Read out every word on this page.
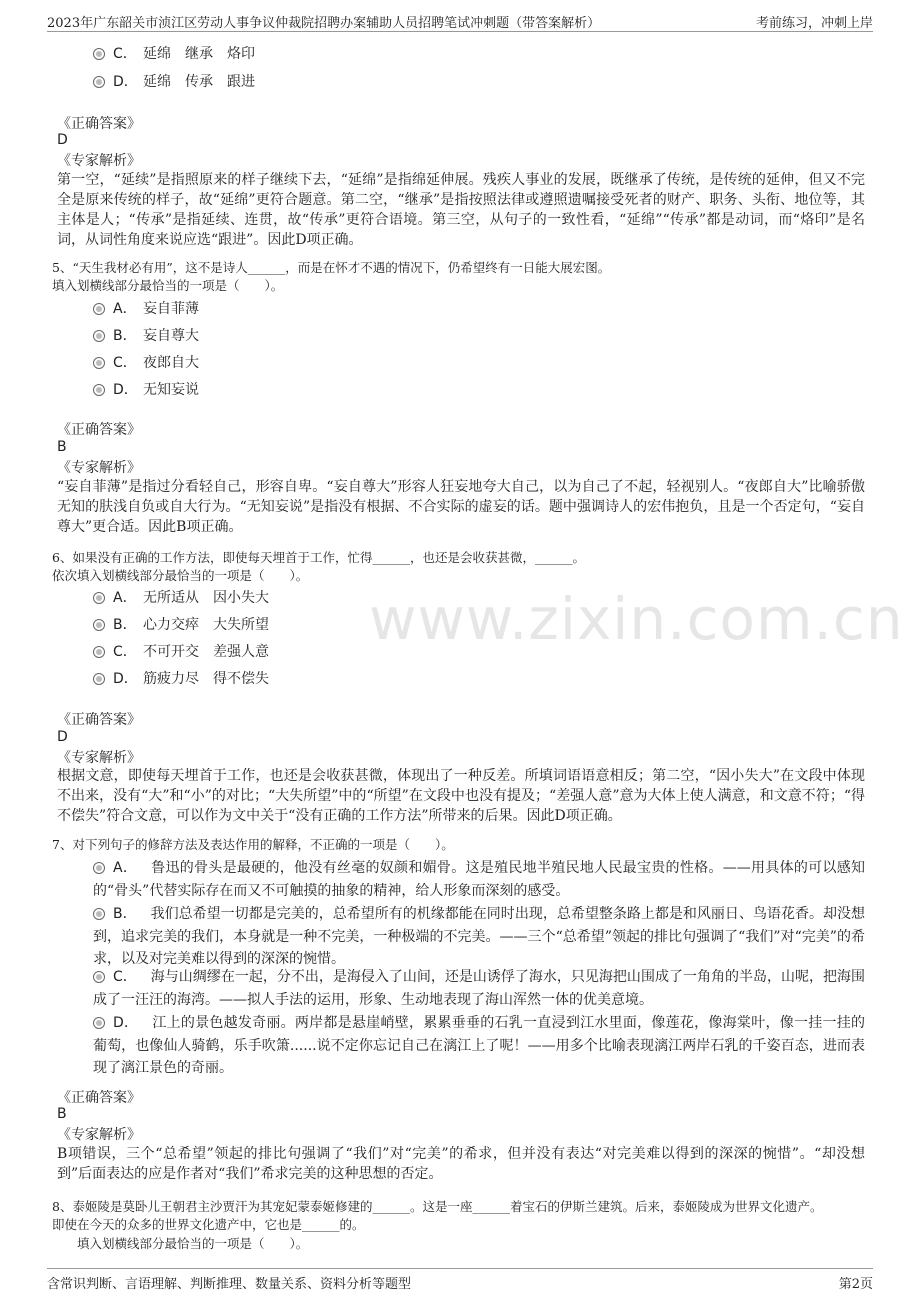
2023年广东韶关市浈江区劳动人事争议仲裁院招聘办案辅助人员招聘笔试冲刺题（带答案解析）	考前练习，冲刺上岸
www.zixin.com.cn
C． 延绵　继承　烙印
D． 延绵　传承　跟进
《正确答案》
D
《专家解析》
第一空，“延续”是指照原来的样子继续下去，“延绵”是指绵延伸展。残疾人事业的发展，既继承了传统，是传统的延伸，但又不完全是原来传统的样子，故“延绵”更符合题意。第二空，“继承”是指按照法律或遵照遗嘱接受死者的财产、职务、头衔、地位等，其主体是人；“传承”是指延续、连贯，故“传承”更符合语境。第三空，从句子的一致性看，“延绵”“传承”都是动词，而“烙印”是名词，从词性角度来说应选“跟进”。因此D项正确。
5、“天生我材必有用”，这不是诗人______，而是在怀才不遇的情况下，仍希望终有一日能大展宏图。
填入划横线部分最恰当的一项是（　　）。
A． 妄自菲薄
B． 妄自尊大
C． 夜郎自大
D． 无知妄说
《正确答案》
B
《专家解析》
“妄自菲薄”是指过分看轻自己，形容自卑。“妄自尊大”形容人狂妄地夸大自己，以为自己了不起，轻视别人。“夜郎自大”比喻骄傲无知的肤浅自负或自大行为。“无知妄说”是指没有根据、不合实际的虚妄的话。题中强调诗人的宏伟抱负，且是一个否定句，“妄自尊大”更合适。因此B项正确。
6、如果没有正确的工作方法，即使每天埋首于工作，忙得______，也还是会收获甚微，______。
依次填入划横线部分最恰当的一项是（　　）。
A． 无所适从　因小失大
B． 心力交瘁　大失所望
C． 不可开交　差强人意
D． 筋疲力尽　得不偿失
《正确答案》
D
《专家解析》
根据文意，即使每天埋首于工作，也还是会收获甚微，体现出了一种反差。所填词语语意相反；第二空，“因小失大”在文段中体现不出来，没有“大”和“小”的对比；“大失所望”中的“所望”在文段中也没有提及；“差强人意”意为大体上使人满意，和文意不符；“得不偿失”符合文意，可以作为文中关于“没有正确的工作方法”所带来的后果。因此D项正确。
7、对下列句子的修辞方法及表达作用的解释，不正确的一项是（　　）。
A． 鲁迅的骨头是最硬的，他没有丝毫的奴颜和媚骨。这是殖民地半殖民地人民最宝贵的性格。——用具体的可以感知的“骨头”代替实际存在而又不可触摸的抽象的精神，给人形象而深刻的感受。
B． 我们总希望一切都是完美的，总希望所有的机缘都能在同时出现，总希望整条路上都是和风丽日、鸟语花香。却没想到，追求完美的我们，本身就是一种不完美，一种极端的不完美。——三个“总希望”领起的排比句强调了“我们”对“完美”的希求，以及对完美难以得到的深深的惋惜。
C． 海与山绸缪在一起，分不出，是海侵入了山间，还是山诱俘了海水，只见海把山围成了一角角的半岛，山呢，把海围成了一汪汪的海湾。——拟人手法的运用，形象、生动地表现了海山浑然一体的优美意境。
D． 江上的景色越发奇丽。两岸都是悬崖峭壁，累累垂垂的石乳一直浸到江水里面，像莲花，像海棠叶，像一挂一挂的葡萄，也像仙人骑鹤，乐手吹箫......说不定你忘记自己在漓江上了呢！——用多个比喻表现漓江两岸石乳的千姿百态，进而表现了漓江景色的奇丽。
《正确答案》
B
《专家解析》
B项错误，三个“总希望”领起的排比句强调了“我们”对“完美”的希求，但并没有表达“对完美难以得到的深深的惋惜”。“却没想到”后面表达的应是作者对“我们”希求完美的这种思想的否定。
8、泰姬陵是莫卧儿王朝君主沙贾汗为其宠妃蒙泰姬修建的______。这是一座______着宝石的伊斯兰建筑。后来，泰姬陵成为世界文化遗产。
即使在今天的众多的世界文化遗产中，它也是______的。
填入划横线部分最恰当的一项是（　　）。
含常识判断、言语理解、判断推理、数量关系、资料分析等题型	第2页
